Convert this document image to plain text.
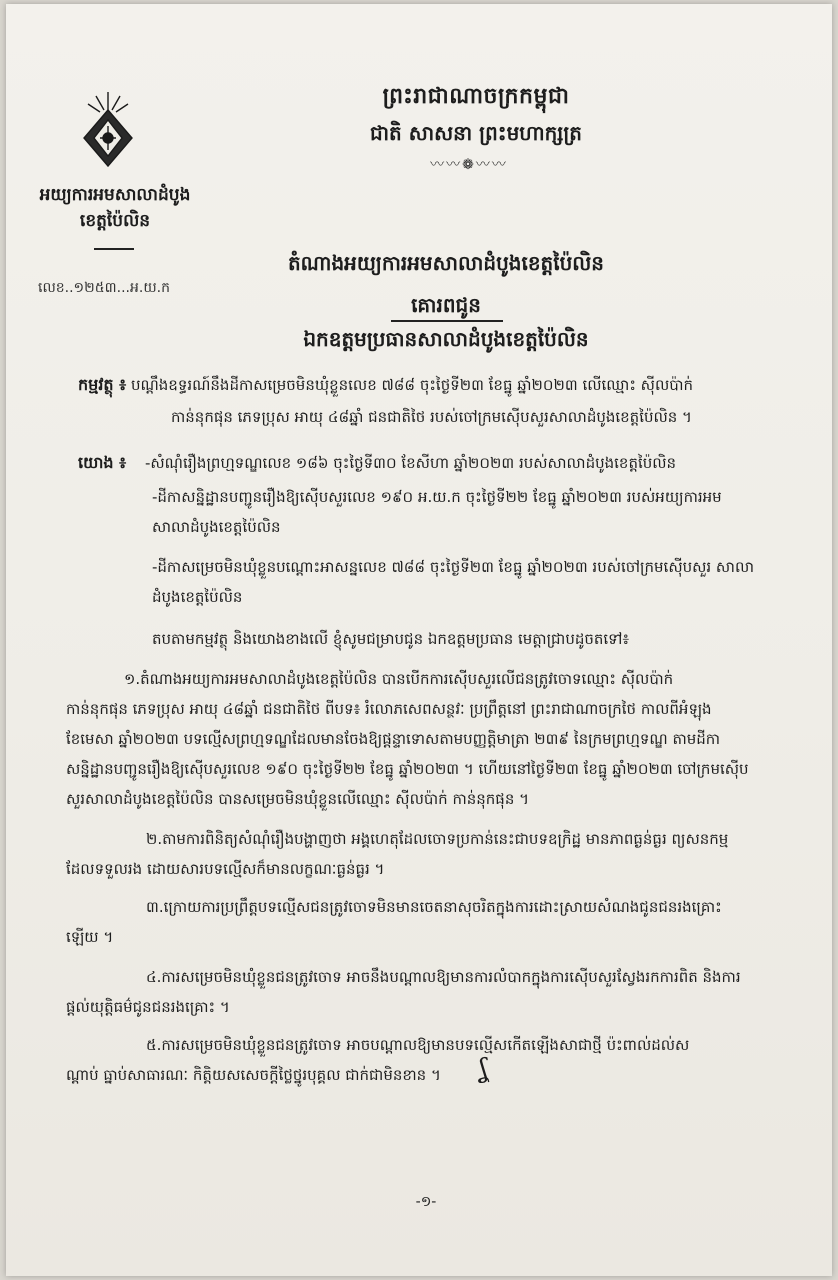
ព្រះរាជាណាចក្រកម្ពុជា
ជាតិ សាសនា ព្រះមហាក្សត្រ
〰〰❁〰〰
អយ្យការអមសាលាដំបូង
ខេត្តប៉ៃលិន
លេខ..១២៥៣...អ.យ.ក
តំណាងអយ្យការអមសាលាដំបូងខេត្តប៉ៃលិន
គោរពជូន
ឯកឧត្តមប្រធានសាលាដំបូងខេត្តប៉ៃលិន
កម្មវត្ថុ ៖ បណ្តឹងឧទ្ធរណ៍នឹងដីកាសម្រេចមិនឃុំខ្លួនលេខ ៧៨៨ ចុះថ្ងៃទី២៣ ខែធ្នូ ឆ្នាំ២០២៣ លើឈ្មោះ ស៊ីលប៉ាក់
កាន់នុកផុន ភេទប្រុស អាយុ ៤៨ឆ្នាំ ជនជាតិថៃ របស់ចៅក្រមស៊ើបសួរសាលាដំបូងខេត្តប៉ៃលិន ។
យោង ៖ -សំណុំរឿងព្រហ្មទណ្ឌលេខ ១៨៦ ចុះថ្ងៃទី៣០ ខែសីហា ឆ្នាំ២០២៣ របស់សាលាដំបូងខេត្តប៉ៃលិន
-ដីកាសន្និដ្ឋានបញ្ជូនរឿងឱ្យស៊ើបសួរលេខ ១៩០ អ.យ.ក ចុះថ្ងៃទី២២ ខែធ្នូ ឆ្នាំ២០២៣ របស់អយ្យការអម
សាលាដំបូងខេត្តប៉ៃលិន
-ដីកាសម្រេចមិនឃុំខ្លួនបណ្តោះអាសន្នលេខ ៧៨៨ ចុះថ្ងៃទី២៣ ខែធ្នូ ឆ្នាំ២០២៣ របស់ចៅក្រមស៊ើបសួរ សាលា
ដំបូងខេត្តប៉ៃលិន
តបតាមកម្មវត្ថុ និងយោងខាងលើ ខ្ញុំសូមជម្រាបជូន ឯកឧត្តមប្រធាន មេត្តាជ្រាបដូចតទៅ៖
១.តំណាងអយ្យការអមសាលាដំបូងខេត្តប៉ៃលិន បានបើកការស៊ើបសួរលើជនត្រូវចោទឈ្មោះ ស៊ីលប៉ាក់
កាន់នុកផុន ភេទប្រុស អាយុ ៤៨ឆ្នាំ ជនជាតិថៃ ពីបទ៖ រំលោភសេពសន្ថវៈ ប្រព្រឹត្តនៅ ព្រះរាជាណាចក្រថៃ កាលពីអំឡុង
ខែមេសា ឆ្នាំ២០២៣ បទល្មើសព្រហ្មទណ្ឌដែលមានចែងឱ្យផ្តន្ទាទោសតាមបញ្ញត្តិមាត្រា ២៣៩ នៃក្រមព្រហ្មទណ្ឌ តាមដីកា
សន្និដ្ឋានបញ្ជូនរឿងឱ្យស៊ើបសួរលេខ ១៩០ ចុះថ្ងៃទី២២ ខែធ្នូ ឆ្នាំ២០២៣ ។ ហើយនៅថ្ងៃទី២៣ ខែធ្នូ ឆ្នាំ២០២៣ ចៅក្រមស៊ើប
សួរសាលាដំបូងខេត្តប៉ៃលិន បានសម្រេចមិនឃុំខ្លួនលើឈ្មោះ ស៊ីលប៉ាក់ កាន់នុកផុន ។
២.តាមការពិនិត្យសំណុំរឿងបង្ហាញថា អង្គហេតុដែលចោទប្រកាន់នេះជាបទឧក្រិដ្ឋ មានភាពធ្ងន់ធ្ងរ ព្យសនកម្ម
ដែលទទួលរង ដោយសារបទល្មើសក៏មានលក្ខណៈធ្ងន់ធ្ងរ ។
៣.ក្រោយការប្រព្រឹត្តបទល្មើសជនត្រូវចោទមិនមានចេតនាសុចរិតក្នុងការដោះស្រាយសំណងជូនជនរងគ្រោះ
ឡើយ ។
៤.ការសម្រេចមិនឃុំខ្លួនជនត្រូវចោទ អាចនឹងបណ្តាលឱ្យមានការលំបាកក្នុងការស៊ើបសួរស្វែងរកការពិត និងការ
ផ្តល់យុត្តិធម៌ជូនជនរងគ្រោះ ។
៥.ការសម្រេចមិនឃុំខ្លួនជនត្រូវចោទ អាចបណ្តាលឱ្យមានបទល្មើសកើតឡើងសាជាថ្មី ប៉ះពាល់ដល់ស
ណ្តាប់ ធ្នាប់សាធារណៈ កិត្តិយសសេចក្តីថ្លៃថ្នូរបុគ្គល ជាក់ជាមិនខាន ។	ʆ
-១-
